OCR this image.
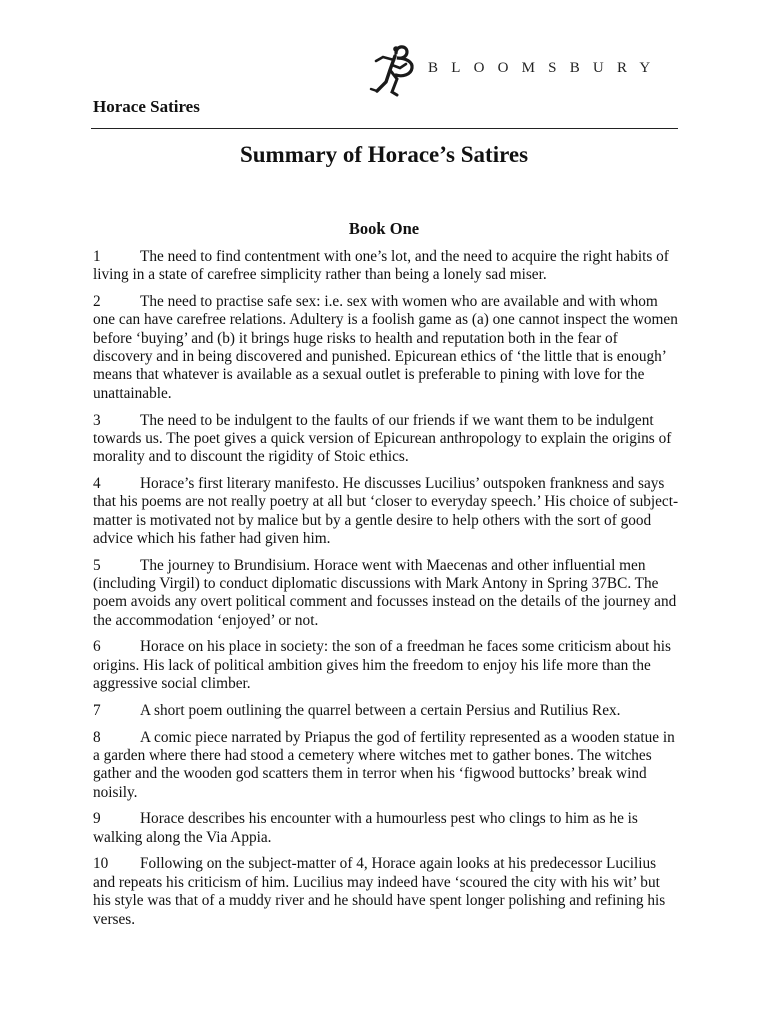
BLOOMSBURY
Horace Satires
Summary of Horace’s Satires
Book One

1	The need to find contentment with one’s lot, and the need to acquire the right habits of living in a state of carefree simplicity rather than being a lonely sad miser.

2	The need to practise safe sex: i.e. sex with women who are available and with whom one can have carefree relations. Adultery is a foolish game as (a) one cannot inspect the women before ‘buying’ and (b) it brings huge risks to health and reputation both in the fear of discovery and in being discovered and punished. Epicurean ethics of ‘the little that is enough’ means that whatever is available as a sexual outlet is preferable to pining with love for the unattainable.

3	The need to be indulgent to the faults of our friends if we want them to be indulgent towards us. The poet gives a quick version of Epicurean anthropology to explain the origins of morality and to discount the rigidity of Stoic ethics.

4	Horace’s first literary manifesto. He discusses Lucilius’ outspoken frankness and says that his poems are not really poetry at all but ‘closer to everyday speech.’ His choice of subject-matter is motivated not by malice but by a gentle desire to help others with the sort of good advice which his father had given him.

5	The journey to Brundisium. Horace went with Maecenas and other influential men (including Virgil) to conduct diplomatic discussions with Mark Antony in Spring 37BC. The poem avoids any overt political comment and focusses instead on the details of the journey and the accommodation ‘enjoyed’ or not.

6	Horace on his place in society: the son of a freedman he faces some criticism about his origins. His lack of political ambition gives him the freedom to enjoy his life more than the aggressive social climber.

7	A short poem outlining the quarrel between a certain Persius and Rutilius Rex.

8	A comic piece narrated by Priapus the god of fertility represented as a wooden statue in a garden where there had stood a cemetery where witches met to gather bones. The witches gather and the wooden god scatters them in terror when his ‘figwood buttocks’ break wind noisily.

9	Horace describes his encounter with a humourless pest who clings to him as he is walking along the Via Appia.

10 Following on the subject-matter of 4, Horace again looks at his predecessor Lucilius and repeats his criticism of him. Lucilius may indeed have ‘scoured the city with his wit’ but his style was that of a muddy river and he should have spent longer polishing and refining his verses.
